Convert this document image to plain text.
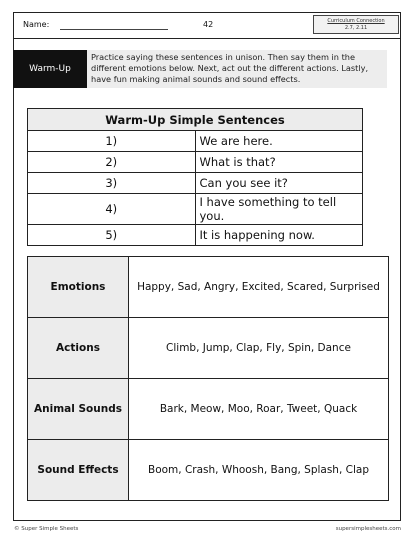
Name:	42	Curriculum Connection
2.7, 2.11
Warm-Up
Practice saying these sentences in unison. Then say them in the different emotions below. Next, act out the different actions. Lastly, have fun making animal sounds and sound effects.
Warm-Up Simple Sentences	
1)	We are here.
2)	What is that?
3)	Can you see it?
4)	I have something to tell you.
5)	It is happening now.
Emotions	Happy, Sad, Angry, Excited, Scared, Surprised
Actions	Climb, Jump, Clap, Fly, Spin, Dance
Animal Sounds	Bark, Meow, Moo, Roar, Tweet, Quack
Sound Effects	Boom, Crash, Whoosh, Bang, Splash, Clap
© Super Simple Sheets	supersimplesheets.com
